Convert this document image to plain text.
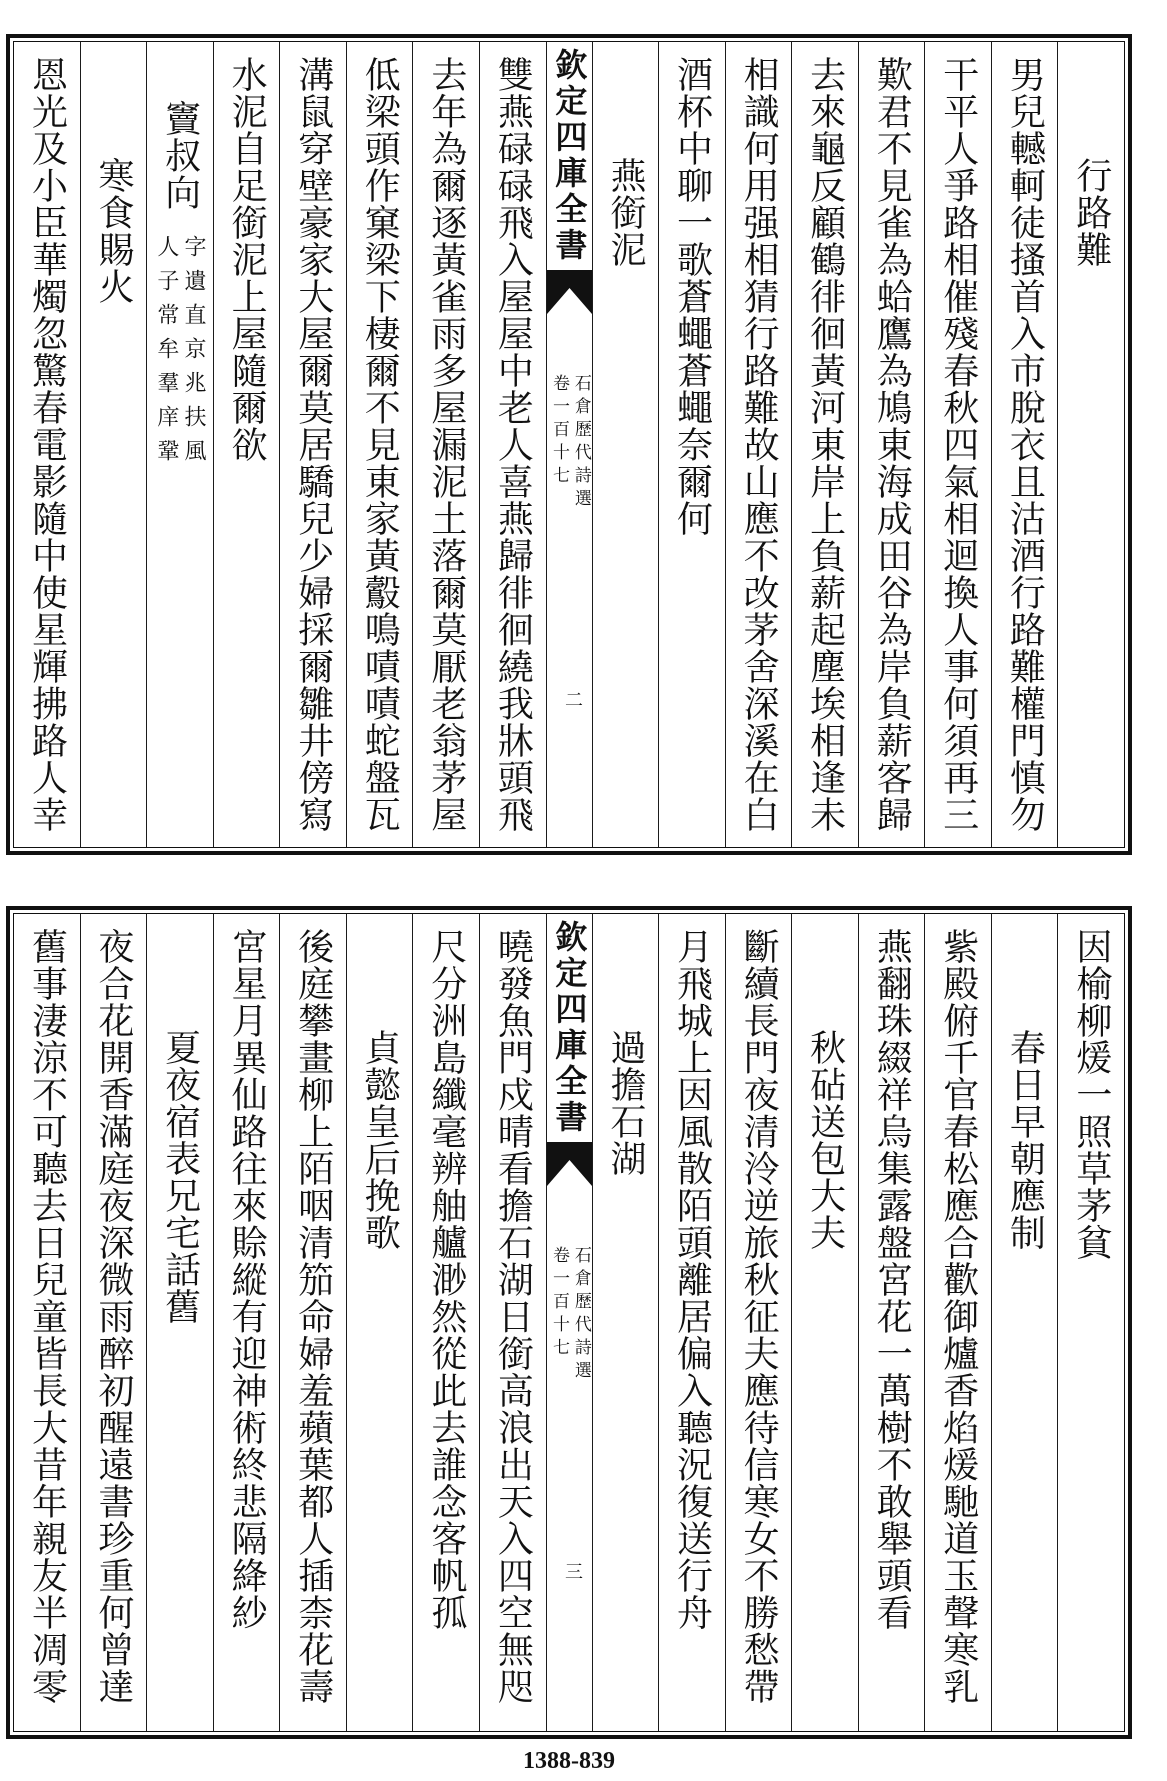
行路難
男兒轗軻徒搔首入市脫衣且沽酒行路難權門慎勿
干平人爭路相催殘春秋四氣相迴換人事何須再三
歎君不見雀為蛤鷹為鳩東海成田谷為岸負薪客歸
去來龜反顧鶴徘徊黃河東岸上負薪起塵埃相逢未
相識何用强相猜行路難故山應不改茅舍深溪在白
酒杯中聊一歌蒼蠅蒼蠅奈爾何
燕銜泥
欽定四庫全書
石倉歷代詩選
卷一百十七
二
雙燕碌碌飛入屋屋中老人喜燕歸徘徊繞我牀頭飛
去年為爾逐黃雀雨多屋漏泥土落爾莫厭老翁茅屋
低梁頭作窠梁下棲爾不見東家黃鷇鳴嘖嘖蛇盤瓦
溝鼠穿壁豪家大屋爾莫居驕兒少婦採爾雛井傍寫
水泥自足銜泥上屋隨爾欲
竇叔向
字遺直京兆扶風
人子常牟羣庠鞏
寒食賜火
恩光及小臣華燭忽驚春電影隨中使星輝拂路人幸
因榆柳煖一照草茅貧
春日早朝應制
紫殿俯千官春松應合歡御爐香焰煖馳道玉聲寒乳
燕翻珠綴祥烏集露盤宮花一萬樹不敢舉頭看
秋砧送包大夫
斷續長門夜清泠逆旅秋征夫應待信寒女不勝愁帶
月飛城上因風散陌頭離居偏入聽況復送行舟
過擔石湖
欽定四庫全書
石倉歷代詩選
卷一百十七
三
曉發魚門戍晴看擔石湖日銜高浪出天入四空無咫
尺分洲島纖毫辨舳艫渺然從此去誰念客帆孤
貞懿皇后挽歌
後庭攀畫柳上陌咽清笳命婦羞蘋葉都人插柰花壽
宮星月異仙路往來賒縱有迎神術終悲隔絳紗
夏夜宿表兄宅話舊
夜合花開香滿庭夜深微雨醉初醒遠書珍重何曾達
舊事淒涼不可聽去日兒童皆長大昔年親友半凋零
1388-839
